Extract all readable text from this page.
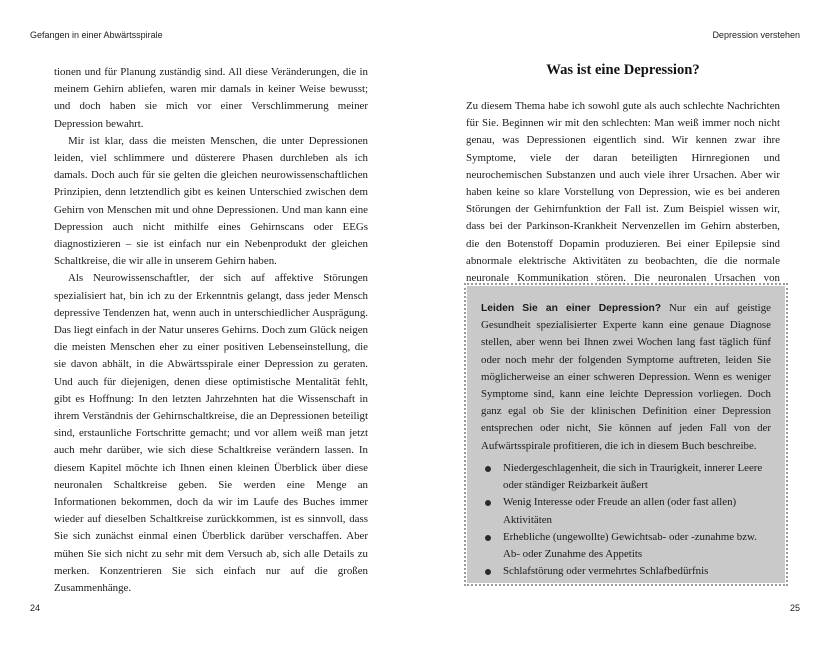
Gefangen in einer Abwärtsspirale

tionen und für Planung zuständig sind. All diese Veränderungen, die in meinem Gehirn abliefen, waren mir damals in keiner Weise bewusst; und doch haben sie mich vor einer Verschlimmerung meiner Depression bewahrt.

Mir ist klar, dass die meisten Menschen, die unter Depressionen leiden, viel schlimmere und düsterere Phasen durchleben als ich damals. Doch auch für sie gelten die gleichen neurowissenschaftlichen Prinzipien, denn letztendlich gibt es keinen Unterschied zwischen dem Gehirn von Menschen mit und ohne Depressionen. Und man kann eine Depression auch nicht mithilfe eines Gehirnscans oder EEGs diagnostizieren – sie ist einfach nur ein Nebenprodukt der gleichen Schaltkreise, die wir alle in unserem Gehirn haben.

Als Neurowissenschaftler, der sich auf affektive Störungen spezialisiert hat, bin ich zu der Erkenntnis gelangt, dass jeder Mensch depressive Tendenzen hat, wenn auch in unterschiedlicher Ausprägung. Das liegt einfach in der Natur unseres Gehirns. Doch zum Glück neigen die meisten Menschen eher zu einer positiven Lebenseinstellung, die sie davon abhält, in die Abwärtsspirale einer Depression zu geraten. Und auch für diejenigen, denen diese optimistische Mentalität fehlt, gibt es Hoffnung: In den letzten Jahrzehnten hat die Wissenschaft in ihrem Verständnis der Gehirnschaltkreise, die an Depressionen beteiligt sind, erstaunliche Fortschritte gemacht; und vor allem weiß man jetzt auch mehr darüber, wie sich diese Schaltkreise verändern lassen. In diesem Kapitel möchte ich Ihnen einen kleinen Überblick über diese neuronalen Schaltkreise geben. Sie werden eine Menge an Informationen bekommen, doch da wir im Laufe des Buches immer wieder auf dieselben Schaltkreise zurückkommen, ist es sinnvoll, dass Sie sich zunächst einmal einen Überblick darüber verschaffen. Aber mühen Sie sich nicht zu sehr mit dem Versuch ab, sich alle Details zu merken. Konzentrieren Sie sich einfach nur auf die großen Zusammenhänge.

24
Depression verstehen
Was ist eine Depression?

Zu diesem Thema habe ich sowohl gute als auch schlechte Nachrichten für Sie. Beginnen wir mit den schlechten: Man weiß immer noch nicht genau, was Depressionen eigentlich sind. Wir kennen zwar ihre Symptome, viele der daran beteiligten Hirnregionen und neurochemischen Substanzen und auch viele ihrer Ursachen. Aber wir haben keine so klare Vorstellung von Depression, wie es bei anderen Störungen der Gehirnfunktion der Fall ist. Zum Beispiel wissen wir, dass bei der Parkinson-Krankheit Nervenzellen im Gehirn absterben, die den Botenstoff Dopamin produzieren. Bei einer Epilepsie sind abnormale elektrische Aktivitäten zu beobachten, die die normale neuronale Kommunikation stören. Die neuronalen Ursachen von

Leiden Sie an einer Depression? Nur ein auf geistige Gesundheit spezialisierter Experte kann eine genaue Diagnose stellen, aber wenn bei Ihnen zwei Wochen lang fast täglich fünf oder noch mehr der folgenden Symptome auftreten, leiden Sie möglicherweise an einer schweren Depression. Wenn es weniger Symptome sind, kann eine leichte Depression vorliegen. Doch ganz egal ob Sie der klinischen Definition einer Depression entsprechen oder nicht, Sie können auf jeden Fall von der Aufwärtsspirale profitieren, die ich in diesem Buch beschreibe.

Niedergeschlagenheit, die sich in Traurigkeit, innerer Leere oder ständiger Reizbarkeit äußert
Wenig Interesse oder Freude an allen (oder fast allen) Aktivitäten
Erhebliche (ungewollte) Gewichtsab- oder -zunahme bzw. Ab- oder Zunahme des Appetits
Schlafstörung oder vermehrtes Schlafbedürfnis
25
